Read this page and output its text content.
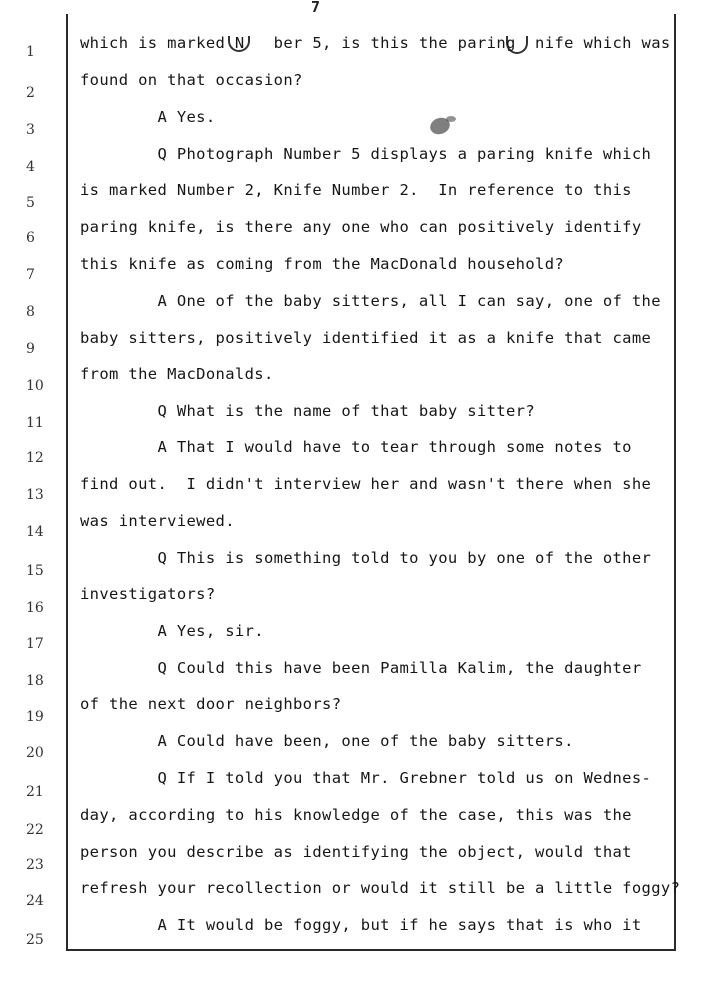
7
1	which is marked N   ber 5, is this the paring  nife which was
2
found on that occasion?
3
A Yes.
4
Q Photograph Number 5 displays a paring knife which
5
is marked Number 2, Knife Number 2.  In reference to this
6
paring knife, is there any one who can positively identify
7
this knife as coming from the MacDonald household?
8
A One of the baby sitters, all I can say, one of the
9
baby sitters, positively identified it as a knife that came
10
from the MacDonalds.
11
Q What is the name of that baby sitter?
12
A That I would have to tear through some notes to
13
find out.  I didn't interview her and wasn't there when she
14
was interviewed.
15
Q This is something told to you by one of the other
16
investigators?
17
A Yes, sir.
18
Q Could this have been Pamilla Kalim, the daughter
19
of the next door neighbors?
20
A Could have been, one of the baby sitters.
21
Q If I told you that Mr. Grebner told us on Wednes-
22
day, according to his knowledge of the case, this was the
23
person you describe as identifying the object, would that
24
refresh your recollection or would it still be a little foggy?
25
A It would be foggy, but if he says that is who it
